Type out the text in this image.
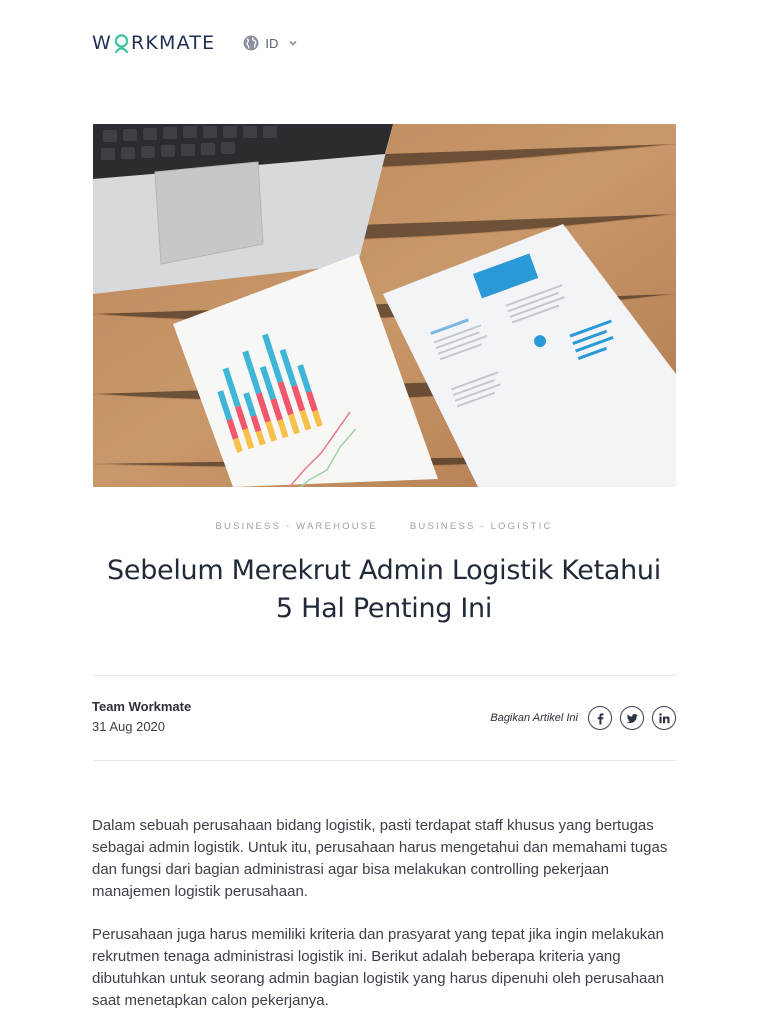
W RKMATE	ID
BUSINESS - WAREHOUSE	BUSINESS - LOGISTIC
Sebelum Merekrut Admin Logistik Ketahui
5 Hal Penting Ini
Team Workmate
31 Aug 2020
Bagikan Artikel Ini

Dalam sebuah perusahaan bidang logistik, pasti terdapat staff khusus yang bertugas sebagai admin logistik. Untuk itu, perusahaan harus mengetahui dan memahami tugas dan fungsi dari bagian administrasi agar bisa melakukan controlling pekerjaan manajemen logistik perusahaan.

Perusahaan juga harus memiliki kriteria dan prasyarat yang tepat jika ingin melakukan rekrutmen tenaga administrasi logistik ini. Berikut adalah beberapa kriteria yang dibutuhkan untuk seorang admin bagian logistik yang harus dipenuhi oleh perusahaan saat menetapkan calon pekerjanya.
